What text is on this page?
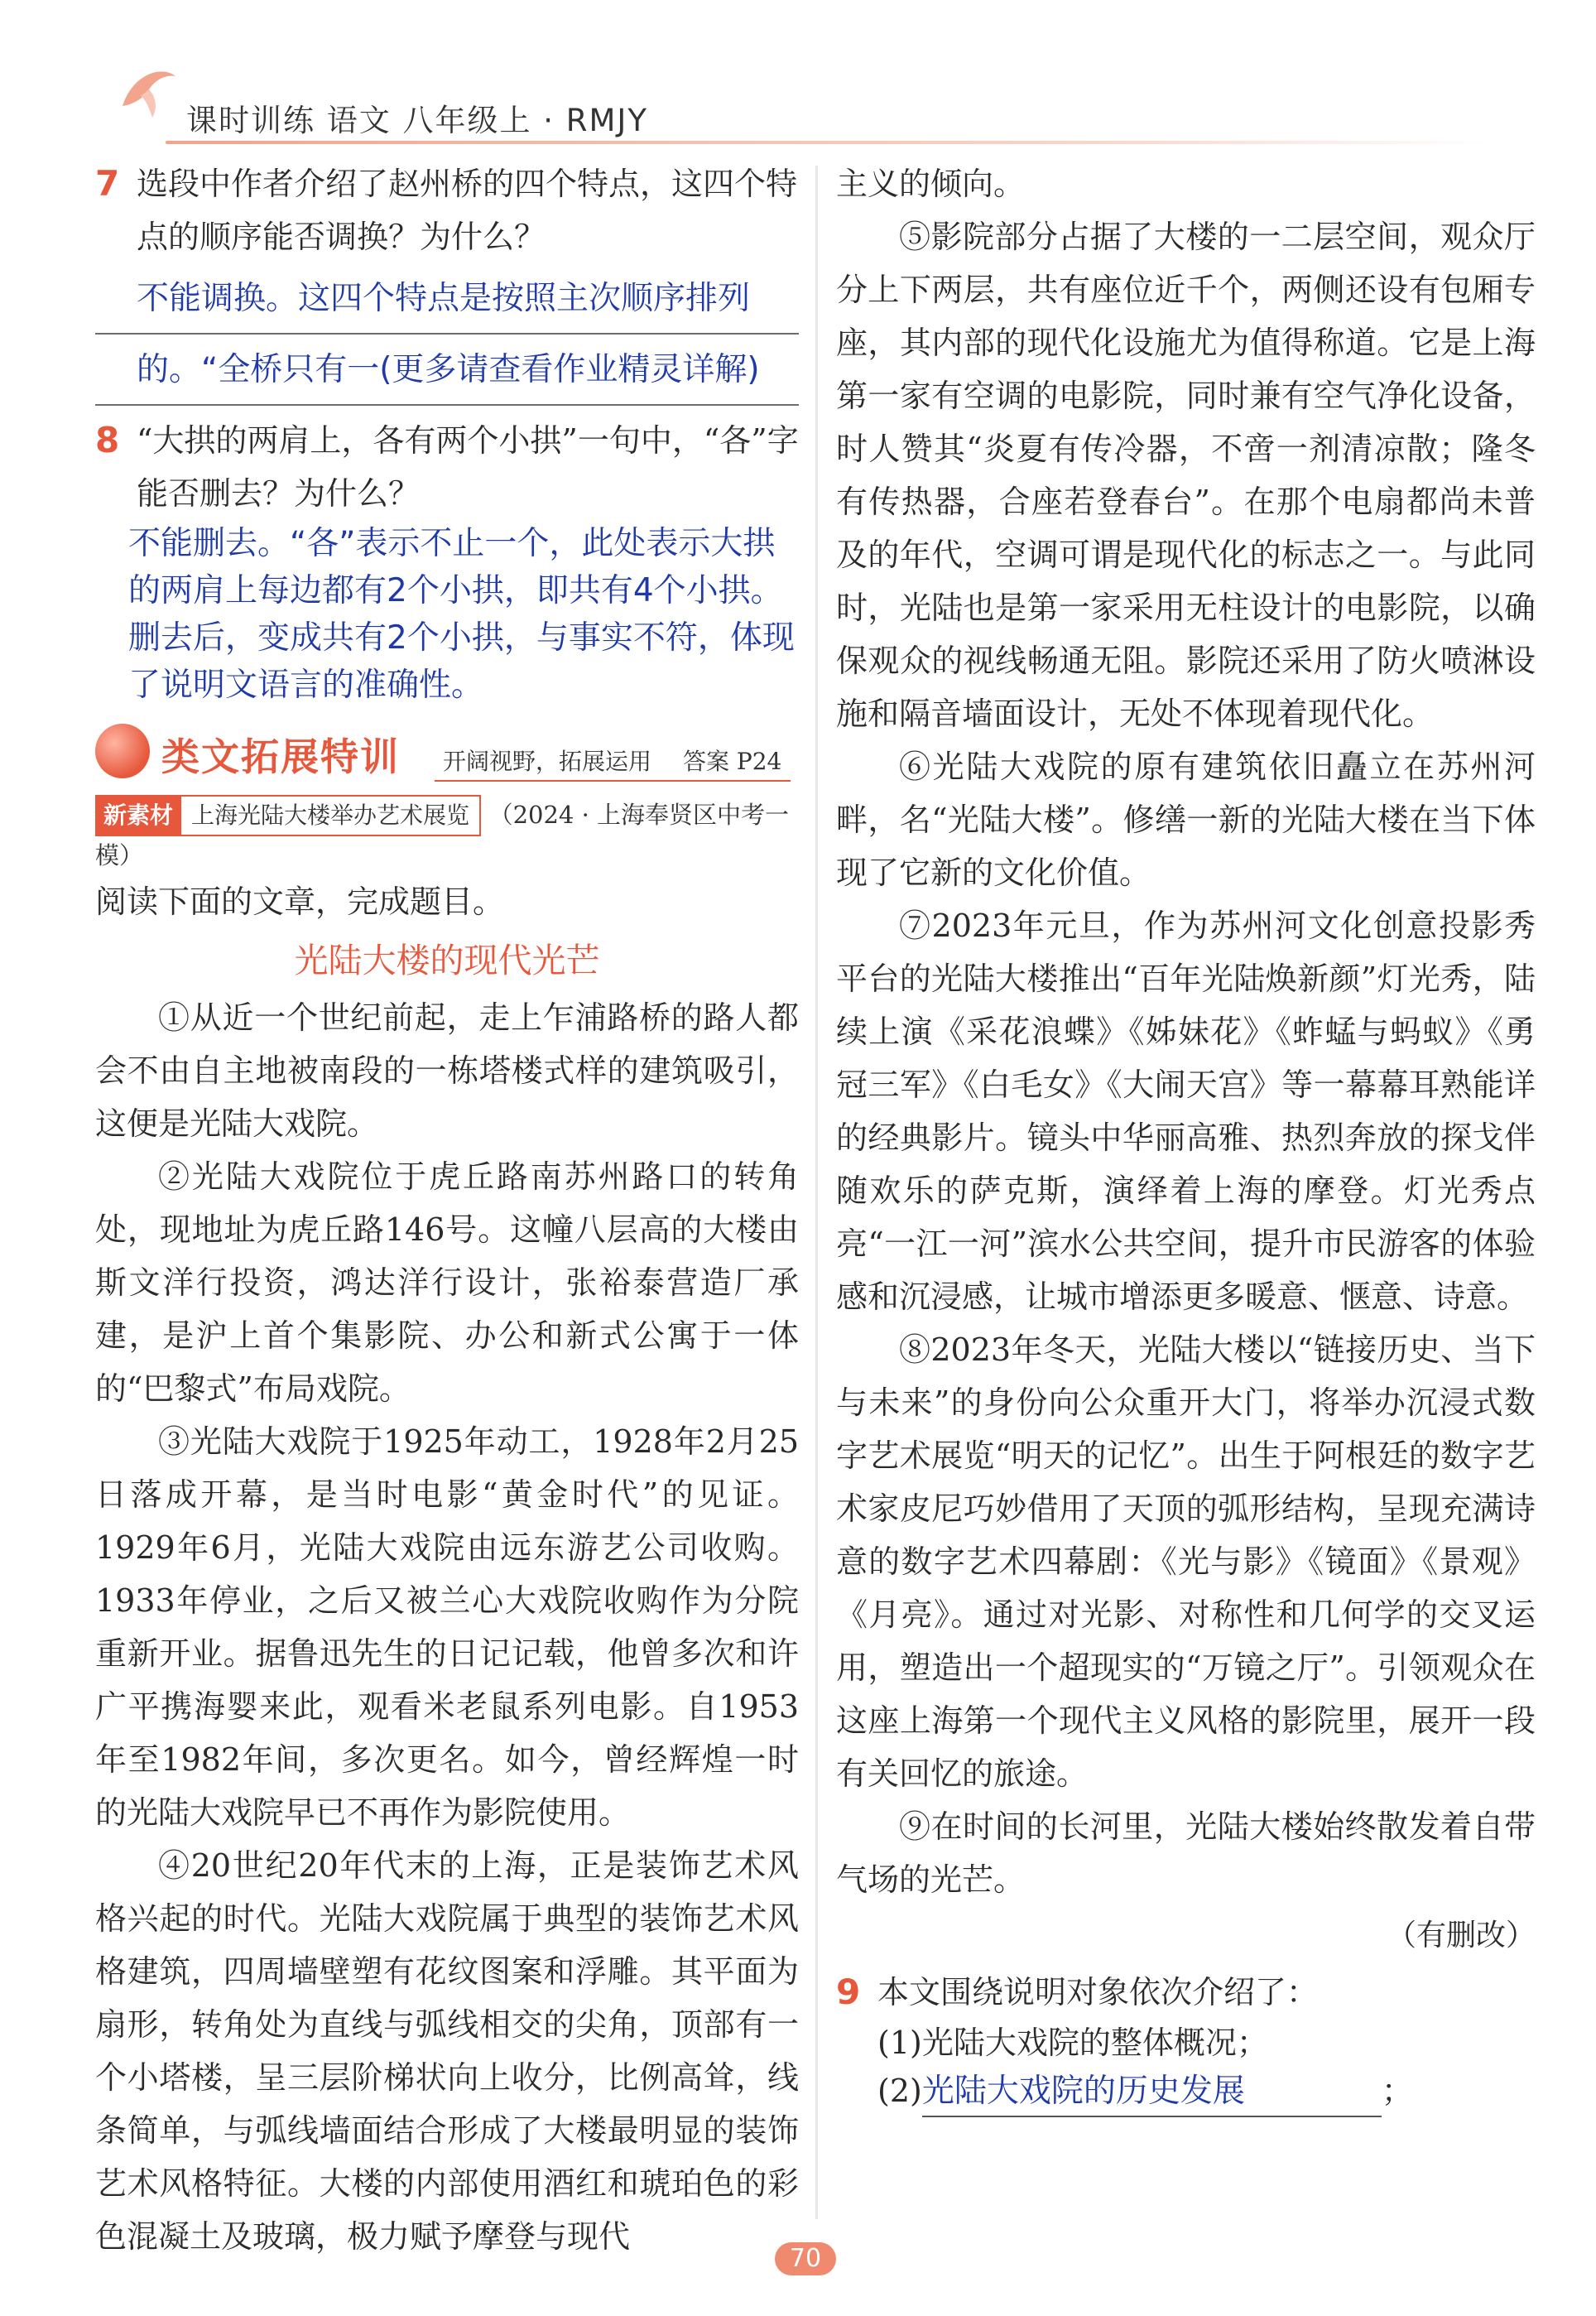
课时训练 语文 八年级上 · RMJY
7 选段中作者介绍了赵州桥的四个特点，这四个特点的顺序能否调换？为什么？

不能调换。这四个特点是按照主次顺序排列
的。“全桥只有一(更多请查看作业精灵详解)
8 “大拱的两肩上，各有两个小拱”一句中，“各”字能否删去？为什么？

不能删去。“各”表示不止一个，此处表示大拱的两肩上每边都有2个小拱，即共有4个小拱。删去后，变成共有2个小拱，与事实不符，体现了说明文语言的准确性。
类文拓展特训 开阔视野，拓展运用 答案 P24
新素材 上海光陆大楼举办艺术展览 （2024 · 上海奉贤区中考一模）

阅读下面的文章，完成题目。

光陆大楼的现代光芒

①从近一个世纪前起，走上乍浦路桥的路人都会不由自主地被南段的一栋塔楼式样的建筑吸引，这便是光陆大戏院。

②光陆大戏院位于虎丘路南苏州路口的转角处，现地址为虎丘路146号。这幢八层高的大楼由斯文洋行投资，鸿达洋行设计，张裕泰营造厂承建，是沪上首个集影院、办公和新式公寓于一体的“巴黎式”布局戏院。

③光陆大戏院于1925年动工，1928年2月25日落成开幕，是当时电影“黄金时代”的见证。1929年6月，光陆大戏院由远东游艺公司收购。1933年停业，之后又被兰心大戏院收购作为分院重新开业。据鲁迅先生的日记记载，他曾多次和许广平携海婴来此，观看米老鼠系列电影。自1953年至1982年间，多次更名。如今，曾经辉煌一时的光陆大戏院早已不再作为影院使用。

④20世纪20年代末的上海，正是装饰艺术风格兴起的时代。光陆大戏院属于典型的装饰艺术风格建筑，四周墙壁塑有花纹图案和浮雕。其平面为扇形，转角处为直线与弧线相交的尖角，顶部有一个小塔楼，呈三层阶梯状向上收分，比例高耸，线条简单，与弧线墙面结合形成了大楼最明显的装饰艺术风格特征。大楼的内部使用酒红和琥珀色的彩色混凝土及玻璃，极力赋予摩登与现代

主义的倾向。

⑤影院部分占据了大楼的一二层空间，观众厅分上下两层，共有座位近千个，两侧还设有包厢专座，其内部的现代化设施尤为值得称道。它是上海第一家有空调的电影院，同时兼有空气净化设备，时人赞其“炎夏有传冷器，不啻一剂清凉散；隆冬有传热器，合座若登春台”。在那个电扇都尚未普及的年代，空调可谓是现代化的标志之一。与此同时，光陆也是第一家采用无柱设计的电影院，以确保观众的视线畅通无阻。影院还采用了防火喷淋设施和隔音墙面设计，无处不体现着现代化。

⑥光陆大戏院的原有建筑依旧矗立在苏州河畔，名“光陆大楼”。修缮一新的光陆大楼在当下体现了它新的文化价值。

⑦2023年元旦，作为苏州河文化创意投影秀平台的光陆大楼推出“百年光陆焕新颜”灯光秀，陆续上演《采花浪蝶》《姊妹花》《蚱蜢与蚂蚁》《勇冠三军》《白毛女》《大闹天宫》等一幕幕耳熟能详的经典影片。镜头中华丽高雅、热烈奔放的探戈伴随欢乐的萨克斯，演绎着上海的摩登。灯光秀点亮“一江一河”滨水公共空间，提升市民游客的体验感和沉浸感，让城市增添更多暖意、惬意、诗意。

⑧2023年冬天，光陆大楼以“链接历史、当下与未来”的身份向公众重开大门，将举办沉浸式数字艺术展览“明天的记忆”。出生于阿根廷的数字艺术家皮尼巧妙借用了天顶的弧形结构，呈现充满诗意的数字艺术四幕剧：《光与影》《镜面》《景观》《月亮》。通过对光影、对称性和几何学的交叉运用，塑造出一个超现实的“万镜之厅”。引领观众在这座上海第一个现代主义风格的影院里，展开一段有关回忆的旅途。

⑨在时间的长河里，光陆大楼始终散发着自带气场的光芒。

（有删改）

9 本文围绕说明对象依次介绍了：

(1)光陆大戏院的整体概况；

(2)光陆大戏院的历史发展	；

70
